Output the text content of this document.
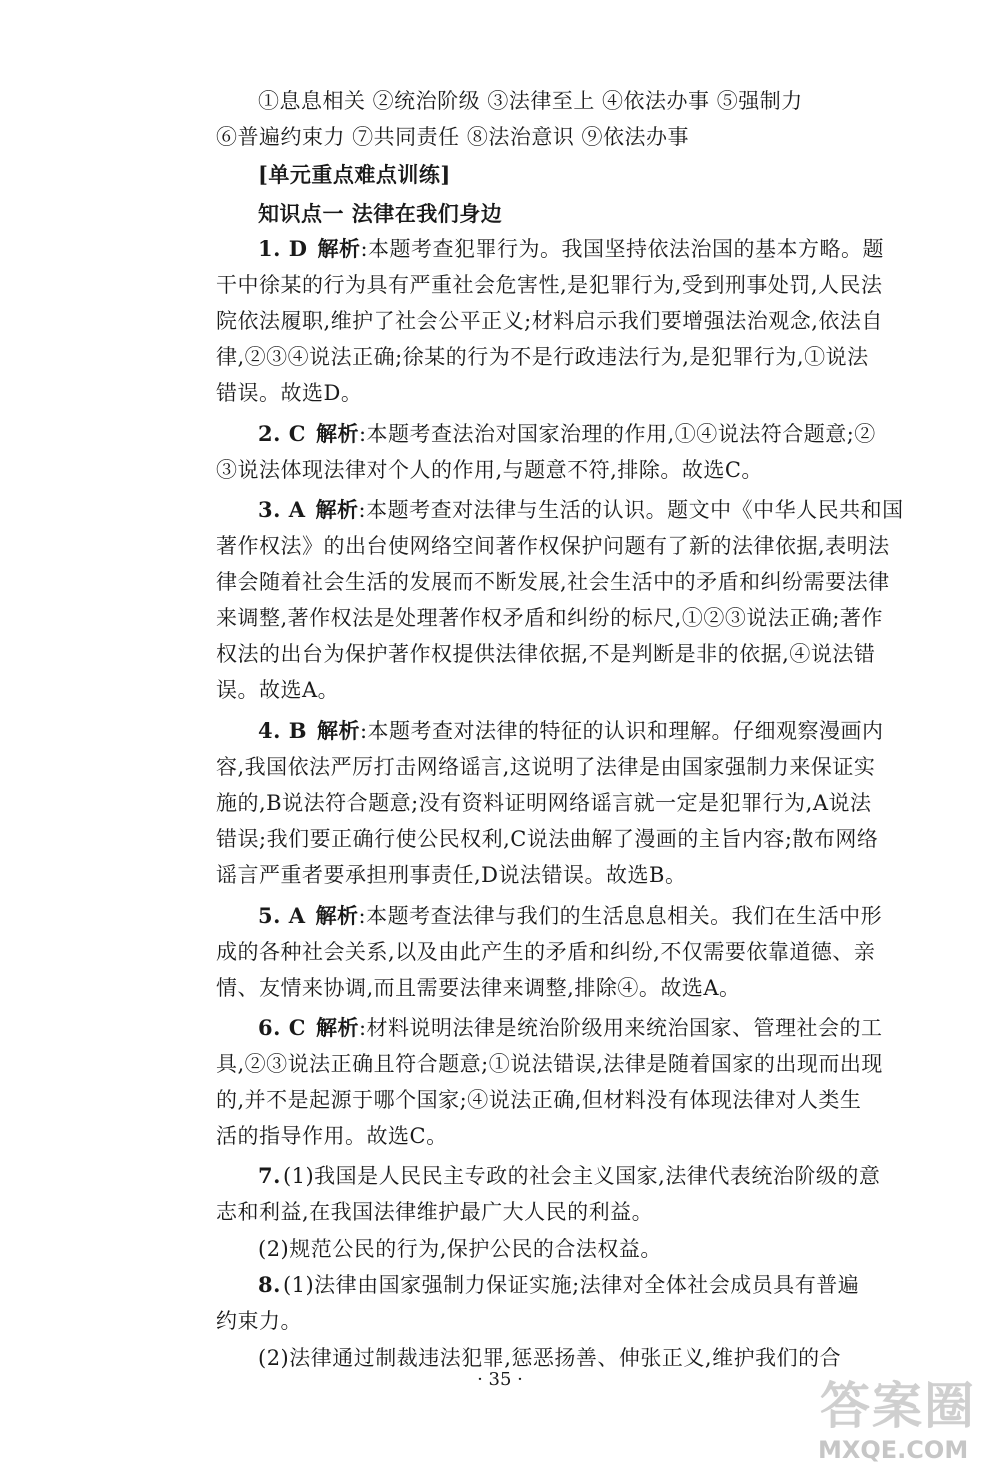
①息息相关 ②统治阶级 ③法律至上 ④依法办事 ⑤强制力
⑥普遍约束力 ⑦共同责任 ⑧法治意识 ⑨依法办事
[单元重点难点训练]
知识点一 法律在我们身边
1. D 解析:本题考查犯罪行为。我国坚持依法治国的基本方略。题
干中徐某的行为具有严重社会危害性,是犯罪行为,受到刑事处罚,人民法
院依法履职,维护了社会公平正义;材料启示我们要增强法治观念,依法自
律,②③④说法正确;徐某的行为不是行政违法行为,是犯罪行为,①说法
错误。故选D。
2. C 解析:本题考查法治对国家治理的作用,①④说法符合题意;②
③说法体现法律对个人的作用,与题意不符,排除。故选C。
3. A 解析:本题考查对法律与生活的认识。题文中《中华人民共和国
著作权法》的出台使网络空间著作权保护问题有了新的法律依据,表明法
律会随着社会生活的发展而不断发展,社会生活中的矛盾和纠纷需要法律
来调整,著作权法是处理著作权矛盾和纠纷的标尺,①②③说法正确;著作
权法的出台为保护著作权提供法律依据,不是判断是非的依据,④说法错
误。故选A。
4. B 解析:本题考查对法律的特征的认识和理解。仔细观察漫画内
容,我国依法严厉打击网络谣言,这说明了法律是由国家强制力来保证实
施的,B说法符合题意;没有资料证明网络谣言就一定是犯罪行为,A说法
错误;我们要正确行使公民权利,C说法曲解了漫画的主旨内容;散布网络
谣言严重者要承担刑事责任,D说法错误。故选B。
5. A 解析:本题考查法律与我们的生活息息相关。我们在生活中形
成的各种社会关系,以及由此产生的矛盾和纠纷,不仅需要依靠道德、亲
情、友情来协调,而且需要法律来调整,排除④。故选A。
6. C 解析:材料说明法律是统治阶级用来统治国家、管理社会的工
具,②③说法正确且符合题意;①说法错误,法律是随着国家的出现而出现
的,并不是起源于哪个国家;④说法正确,但材料没有体现法律对人类生
活的指导作用。故选C。
7.(1)我国是人民民主专政的社会主义国家,法律代表统治阶级的意
志和利益,在我国法律维护最广大人民的利益。
(2)规范公民的行为,保护公民的合法权益。
8.(1)法律由国家强制力保证实施;法律对全体社会成员具有普遍
约束力。
(2)法律通过制裁违法犯罪,惩恶扬善、伸张正义,维护我们的合
· 35 ·	答案圈
MXQE.COM
